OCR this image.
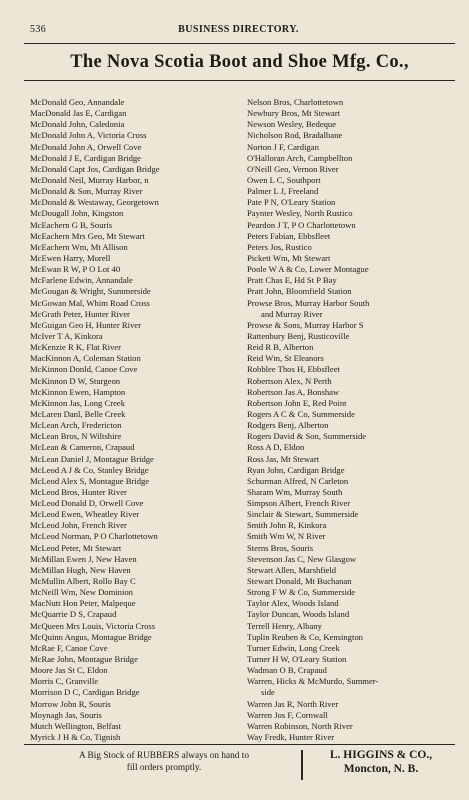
536	BUSINESS DIRECTORY.
The Nova Scotia Boot and Shoe Mfg. Co.,
McDonald Geo, Annandale
MacDonald Jas E, Cardigan
McDonald John, Caledonia
McDonald John A, Victoria Cross
McDonald John A, Orwell Cove
McDonald J E, Cardigan Bridge
McDonald Capt Jos, Cardigan Bridge
McDonald Neil, Murray Harbor, n
McDonald & Son, Murray River
McDonald & Westaway, Georgetown
McDougall John, Kingston
McEachern G B, Souris
McEachern Mrs Geo, Mt Stewart
McEachern Wm, Mt Allison
McEwen Harry, Morell
McEwan R W, P O Lot 40
McFarlene Edwin, Annandale
McGougan & Wright, Summerside
McGowan Mal, Whim Road Cross
McGrath Peter, Hunter River
McGuigan Geo H, Hunter River
McIver T A, Kinkora
McKenzie R K, Flat River
MacKinnon A, Coleman Station
McKinnon Donld, Canoe Cove
McKinnon D W, Sturgeon
McKinnon Ewen, Hampton
McKinnon Jas, Long Creek
McLaren Danl, Belle Creek
McLean Arch, Fredericton
McLean Bros, N Wiltshire
McLean & Cameron, Crapaud
McLean Daniel J, Montague Bridge
McLeod A J & Co, Stanley Bridge
McLeod Alex S, Montague Bridge
McLeod Bros, Hunter River
McLeod Donald D, Orwell Cove
McLeod Ewen, Wheatley River
McLeod John, French River
McLeod Norman, P O Charlottetown
McLeod Peter, Mt Stewart
McMillan Ewen J, New Haven
McMillan Hugh, New Haven
McMullin Albert, Rollo Bay C
McNeill Wm, New Dominion
MacNutt Hon Peter, Malpeque
McQuarrie D S, Crapaud
McQueen Mrs Louis, Victoria Cross
McQuinn Angus, Montague Bridge
McRae F, Canoe Cove
McRae John, Montague Bridge
Moore Jas St C, Eldon
Morris C, Granville
Morrison D C, Cardigan Bridge
Morrow John R, Souris
Moynagh Jas, Souris
Mutch Wellington, Belfast
Myrick J H & Co, Tignish
Nelson Bros, Charlottetown
Newbury Bros, Mt Stewart
Newson Wesley, Bedeque
Nicholson Rod, Bradalbane
Norton J F, Cardigan
O'Halloran Arch, Campbellton
O'Neill Geo, Vernon River
Owen L C, Southport
Palmer L J, Freeland
Pate P N, O'Leary Station
Paynter Wesley, North Rustico
Peardon J T, P O Charlottetown
Peters Fabian, Ebbsfleet
Peters Jos, Rustico
Pickett Wm, Mt Stewart
Poole W A & Co, Lower Montague
Pratt Chas E, Hd St P Bay
Pratt John, Bloomfield Station
Prowse Bros, Murray Harbor South
and Murray River
Prowse & Sons, Murray Harbor S
Rattenbury Benj, Rusticoville
Reid R B, Alberton
Reid Wm, St Eleanors
Robblee Thos H, Ebbsfleet
Robertson Alex, N Perth
Robertson Jas A, Bonshaw
Robertson John E, Red Point
Rogers A C & Co, Summerside
Rodgers Benj, Alberton
Rogers David & Son, Summerside
Ross A D, Eldon
Ross Jas, Mt Stewart
Ryan John, Cardigan Bridge
Schurman Alfred, N Carleton
Sharam Wm, Murray South
Simpson Albert, French River
Sinclair & Stewart, Summerside
Smith John R, Kinkora
Smith Wm W, N River
Sterns Bros, Souris
Stevenson Jas C, New Glasgow
Stewart Allen, Marshfield
Stewart Donald, Mt Buchanan
Strong F W & Co, Summerside
Taylor Alex, Woods Island
Taylor Duncan, Woods Island
Terrell Henry, Albany
Tuplin Reuben & Co, Kensington
Turner Edwin, Long Creek
Turner H W, O'Leary Station
Wadman O B, Crapaud
Warren, Hicks & McMurdo, Summer-
side
Warren Jas R, North River
Warren Jos F, Cornwall
Warren Robinson, North River
Way Fredk, Hunter River
A Big Stock of RUBBERS always on hand to
fill orders promptly.
L. HIGGINS & CO.,
Moncton, N. B.
